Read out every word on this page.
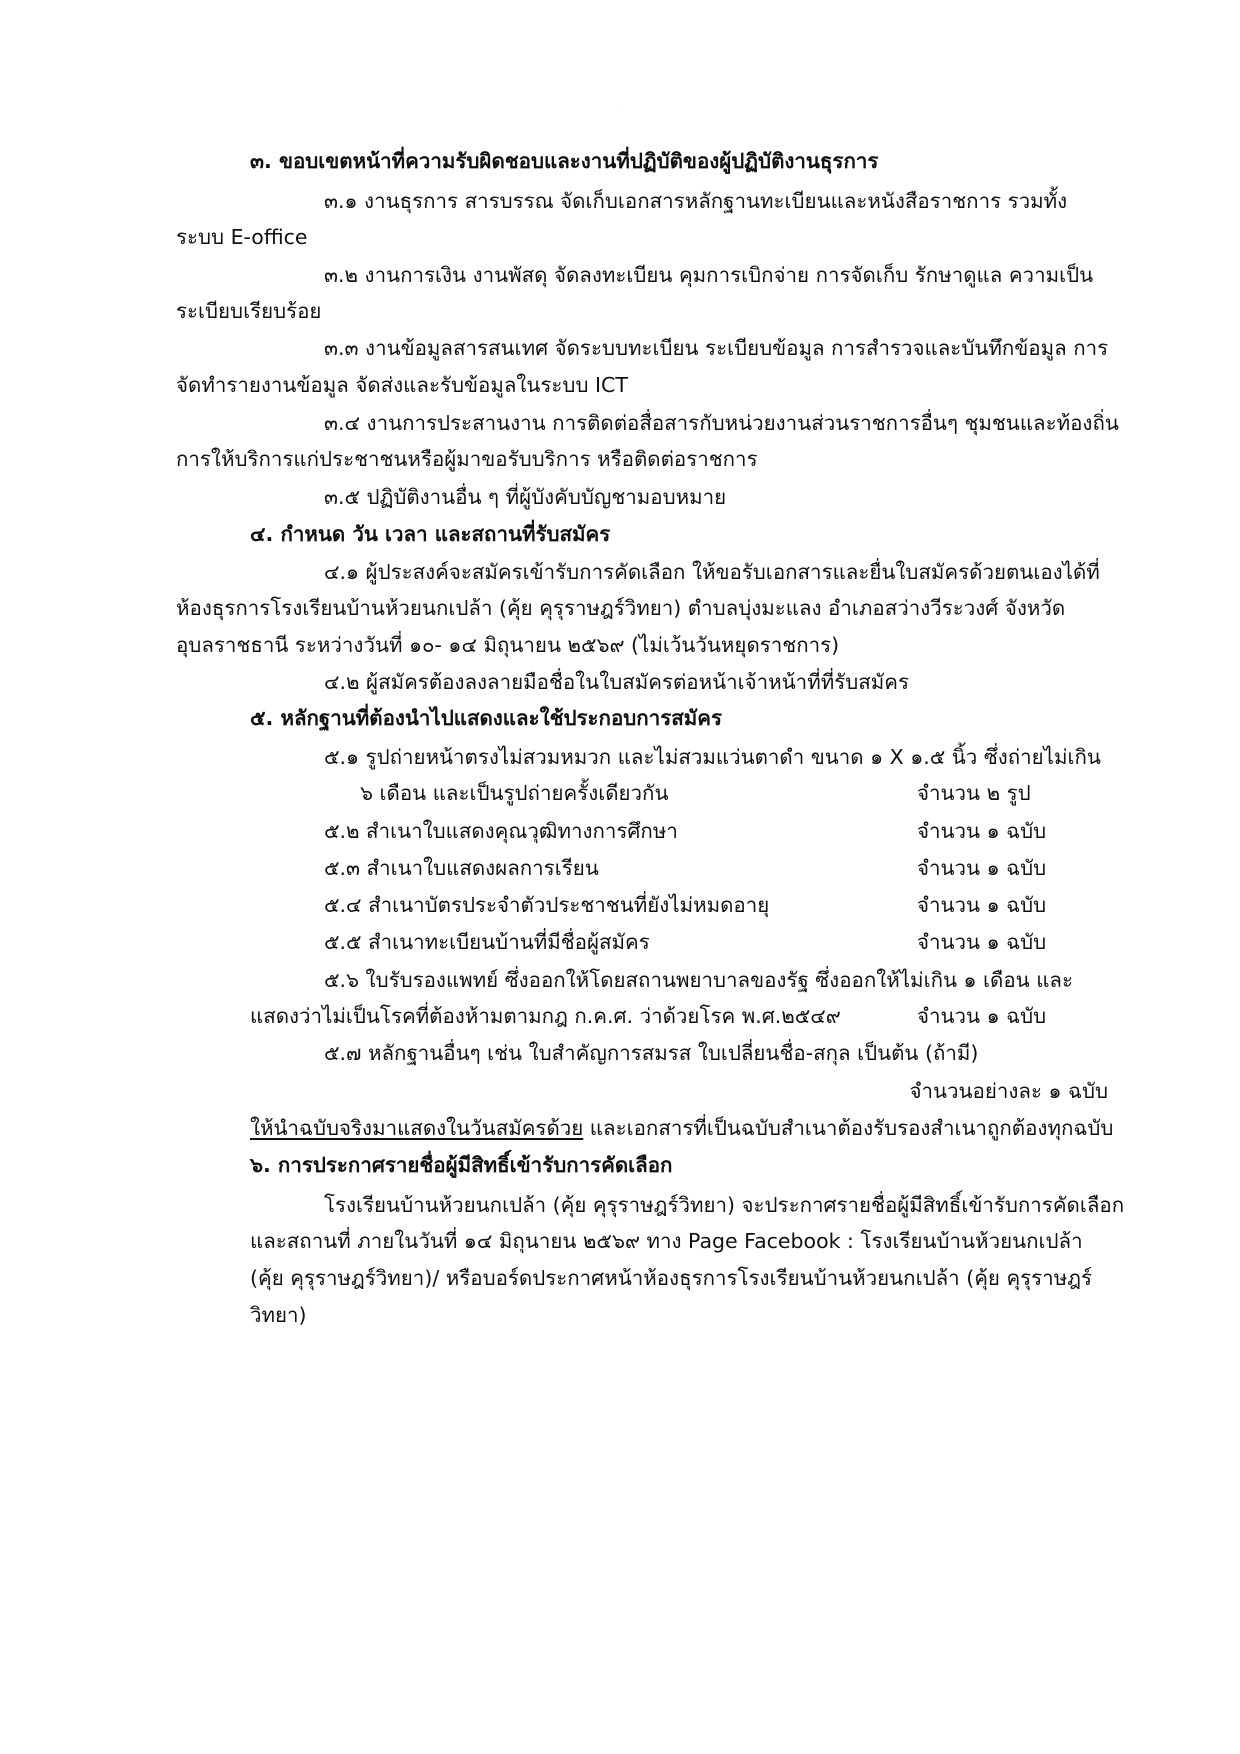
๓. ขอบเขตหน้าที่ความรับผิดชอบและงานที่ปฏิบัติของผู้ปฏิบัติงานธุรการ
๓.๑ งานธุรการ สารบรรณ จัดเก็บเอกสารหลักฐานทะเบียนและหนังสือราชการ รวมทั้ง
ระบบ E-office
๓.๒ งานการเงิน งานพัสดุ จัดลงทะเบียน คุมการเบิกจ่าย การจัดเก็บ รักษาดูแล ความเป็น
ระเบียบเรียบร้อย
๓.๓ งานข้อมูลสารสนเทศ จัดระบบทะเบียน ระเบียบข้อมูล การสำรวจและบันทึกข้อมูล การ
จัดทำรายงานข้อมูล จัดส่งและรับข้อมูลในระบบ ICT
๓.๔ งานการประสานงาน การติดต่อสื่อสารกับหน่วยงานส่วนราชการอื่นๆ ชุมชนและท้องถิ่น
การให้บริการแก่ประชาชนหรือผู้มาขอรับบริการ หรือติดต่อราชการ
๓.๕ ปฏิบัติงานอื่น ๆ ที่ผู้บังคับบัญชามอบหมาย
๔. กำหนด วัน เวลา และสถานที่รับสมัคร
๔.๑ ผู้ประสงค์จะสมัครเข้ารับการคัดเลือก ให้ขอรับเอกสารและยื่นใบสมัครด้วยตนเองได้ที่
ห้องธุรการโรงเรียนบ้านห้วยนกเปล้า (คุ้ย คุรุราษฎร์วิทยา) ตำบลบุ่งมะแลง อำเภอสว่างวีระวงศ์ จังหวัด
อุบลราชธานี ระหว่างวันที่ ๑๐- ๑๔ มิถุนายน ๒๕๖๙ (ไม่เว้นวันหยุดราชการ)
๔.๒ ผู้สมัครต้องลงลายมือชื่อในใบสมัครต่อหน้าเจ้าหน้าที่ที่รับสมัคร
๕. หลักฐานที่ต้องนำไปแสดงและใช้ประกอบการสมัคร
๕.๑ รูปถ่ายหน้าตรงไม่สวมหมวก และไม่สวมแว่นตาดำ ขนาด ๑ X ๑.๕ นิ้ว ซึ่งถ่ายไม่เกิน
๖ เดือน และเป็นรูปถ่ายครั้งเดียวกัน	จำนวน ๒ รูป
๕.๒ สำเนาใบแสดงคุณวุฒิทางการศึกษา	จำนวน ๑ ฉบับ
๕.๓ สำเนาใบแสดงผลการเรียน	จำนวน ๑ ฉบับ
๕.๔ สำเนาบัตรประจำตัวประชาชนที่ยังไม่หมดอายุ	จำนวน ๑ ฉบับ
๕.๕ สำเนาทะเบียนบ้านที่มีชื่อผู้สมัคร	จำนวน ๑ ฉบับ
๕.๖ ใบรับรองแพทย์ ซึ่งออกให้โดยสถานพยาบาลของรัฐ ซึ่งออกให้ไม่เกิน ๑ เดือน และ
แสดงว่าไม่เป็นโรคที่ต้องห้ามตามกฎ ก.ค.ศ. ว่าด้วยโรค พ.ศ.๒๕๔๙	จำนวน ๑ ฉบับ
๕.๗ หลักฐานอื่นๆ เช่น ใบสำคัญการสมรส ใบเปลี่ยนชื่อ-สกุล เป็นต้น (ถ้ามี)
จำนวนอย่างละ ๑ ฉบับ
ให้นำฉบับจริงมาแสดงในวันสมัครด้วย และเอกสารที่เป็นฉบับสำเนาต้องรับรองสำเนาถูกต้องทุกฉบับ
๖. การประกาศรายชื่อผู้มีสิทธิ์เข้ารับการคัดเลือก
โรงเรียนบ้านห้วยนกเปล้า (คุ้ย คุรุราษฎร์วิทยา) จะประกาศรายชื่อผู้มีสิทธิ์เข้ารับการคัดเลือก
และสถานที่ ภายในวันที่ ๑๔ มิถุนายน ๒๕๖๙ ทาง Page Facebook : โรงเรียนบ้านห้วยนกเปล้า
(คุ้ย คุรุราษฎร์วิทยา)/ หรือบอร์ดประกาศหน้าห้องธุรการโรงเรียนบ้านห้วยนกเปล้า (คุ้ย คุรุราษฎร์
วิทยา)
